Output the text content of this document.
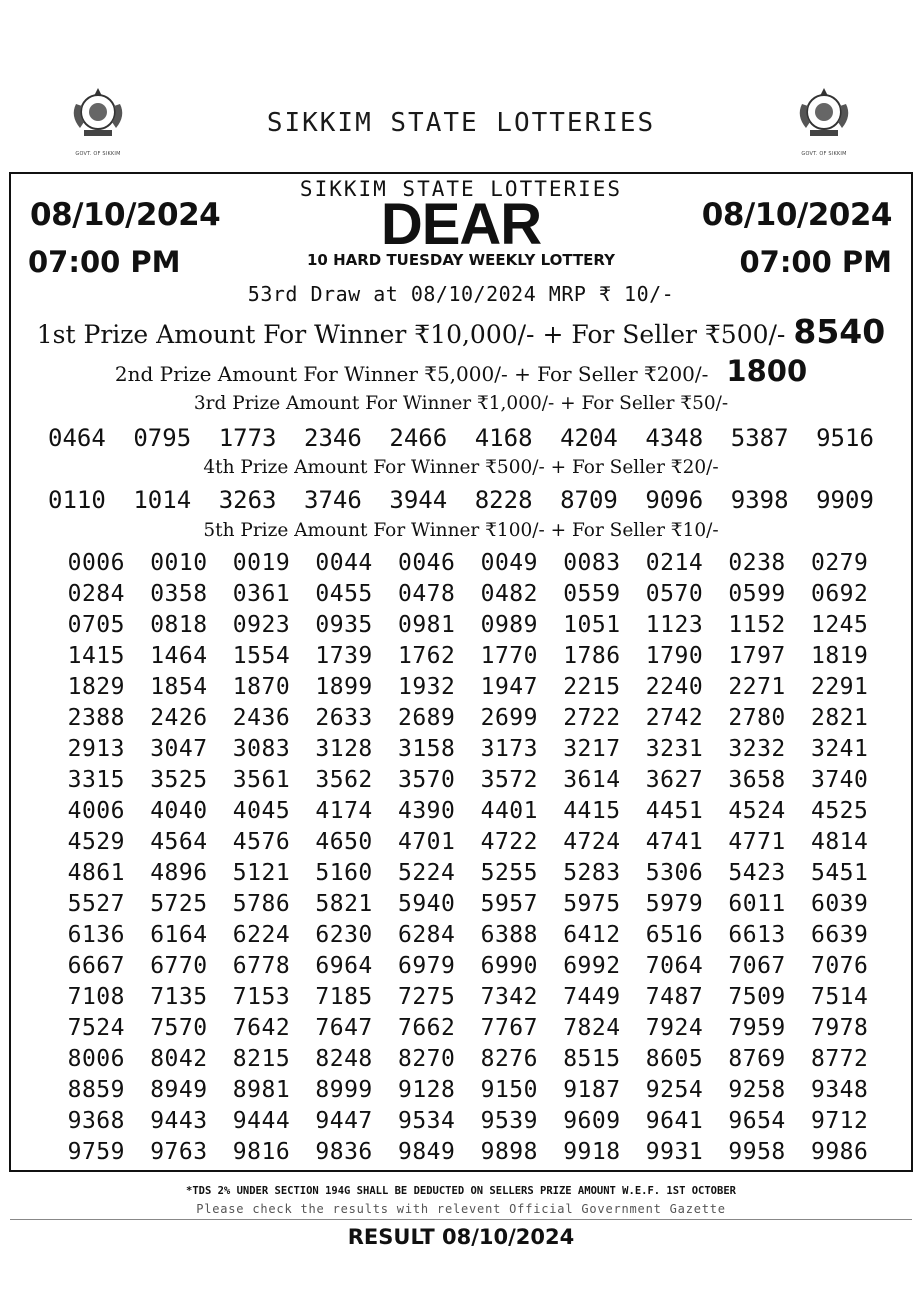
GOVT. OF SIKKIM	GOVT. OF SIKKIM
SIKKIM STATE LOTTERIES
SIKKIM STATE LOTTERIES
DEAR
08/10/2024	08/10/2024
07:00 PM	07:00 PM
10 HARD TUESDAY WEEKLY LOTTERY
53rd Draw at 08/10/2024 MRP ₹ 10/-
1st Prize Amount For Winner ₹10,000/- + For Seller ₹500/- 8540
2nd Prize Amount For Winner ₹5,000/- + For Seller ₹200/- 1800
3rd Prize Amount For Winner ₹1,000/- + For Seller ₹50/-
0464 0795 1773 2346 2466 4168 4204 4348 5387 9516
4th Prize Amount For Winner ₹500/- + For Seller ₹20/-
0110 1014 3263 3746 3944 8228 8709 9096 9398 9909
5th Prize Amount For Winner ₹100/- + For Seller ₹10/-
0006	0010	0019	0044	0046	0049	0083	0214	0238	0279
0284	0358	0361	0455	0478	0482	0559	0570	0599	0692
0705	0818	0923	0935	0981	0989	1051	1123	1152	1245
1415	1464	1554	1739	1762	1770	1786	1790	1797	1819
1829	1854	1870	1899	1932	1947	2215	2240	2271	2291
2388	2426	2436	2633	2689	2699	2722	2742	2780	2821
2913	3047	3083	3128	3158	3173	3217	3231	3232	3241
3315	3525	3561	3562	3570	3572	3614	3627	3658	3740
4006	4040	4045	4174	4390	4401	4415	4451	4524	4525
4529	4564	4576	4650	4701	4722	4724	4741	4771	4814
4861	4896	5121	5160	5224	5255	5283	5306	5423	5451
5527	5725	5786	5821	5940	5957	5975	5979	6011	6039
6136	6164	6224	6230	6284	6388	6412	6516	6613	6639
6667	6770	6778	6964	6979	6990	6992	7064	7067	7076
7108	7135	7153	7185	7275	7342	7449	7487	7509	7514
7524	7570	7642	7647	7662	7767	7824	7924	7959	7978
8006	8042	8215	8248	8270	8276	8515	8605	8769	8772
8859	8949	8981	8999	9128	9150	9187	9254	9258	9348
9368	9443	9444	9447	9534	9539	9609	9641	9654	9712
9759	9763	9816	9836	9849	9898	9918	9931	9958	9986
*TDS 2% UNDER SECTION 194G SHALL BE DEDUCTED ON SELLERS PRIZE AMOUNT W.E.F. 1ST OCTOBER
Please check the results with relevent Official Government Gazette
RESULT 08/10/2024
